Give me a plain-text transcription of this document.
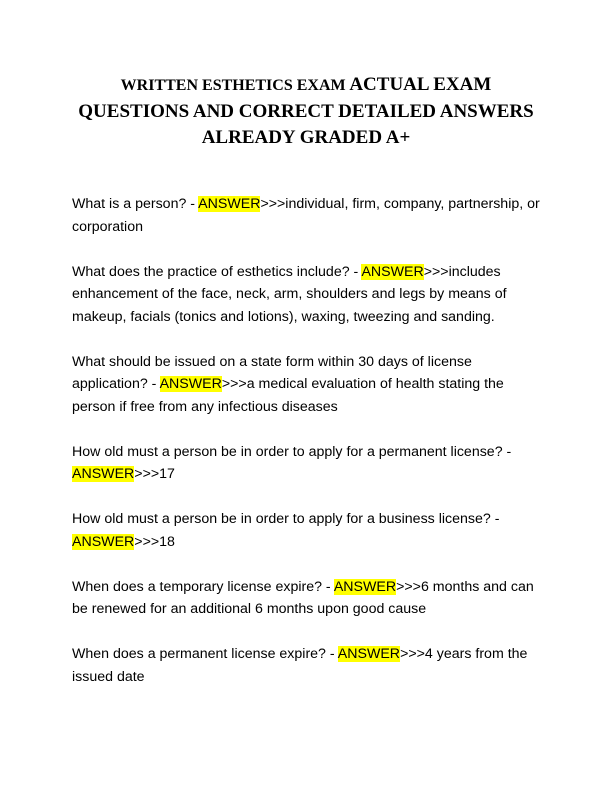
WRITTEN ESTHETICS EXAM ACTUAL EXAM
QUESTIONS AND CORRECT DETAILED ANSWERS
ALREADY GRADED A+

What is a person? - ANSWER>>>individual, firm, company, partnership, or corporation

What does the practice of esthetics include? - ANSWER>>>includes enhancement of the face, neck, arm, shoulders and legs by means of makeup, facials (tonics and lotions), waxing, tweezing and sanding.

What should be issued on a state form within 30 days of license application? - ANSWER>>>a medical evaluation of health stating the person if free from any infectious diseases

How old must a person be in order to apply for a permanent license? - ANSWER>>>17

How old must a person be in order to apply for a business license? - ANSWER>>>18

When does a temporary license expire? - ANSWER>>>6 months and can be renewed for an additional 6 months upon good cause

When does a permanent license expire? - ANSWER>>>4 years from the issued date
